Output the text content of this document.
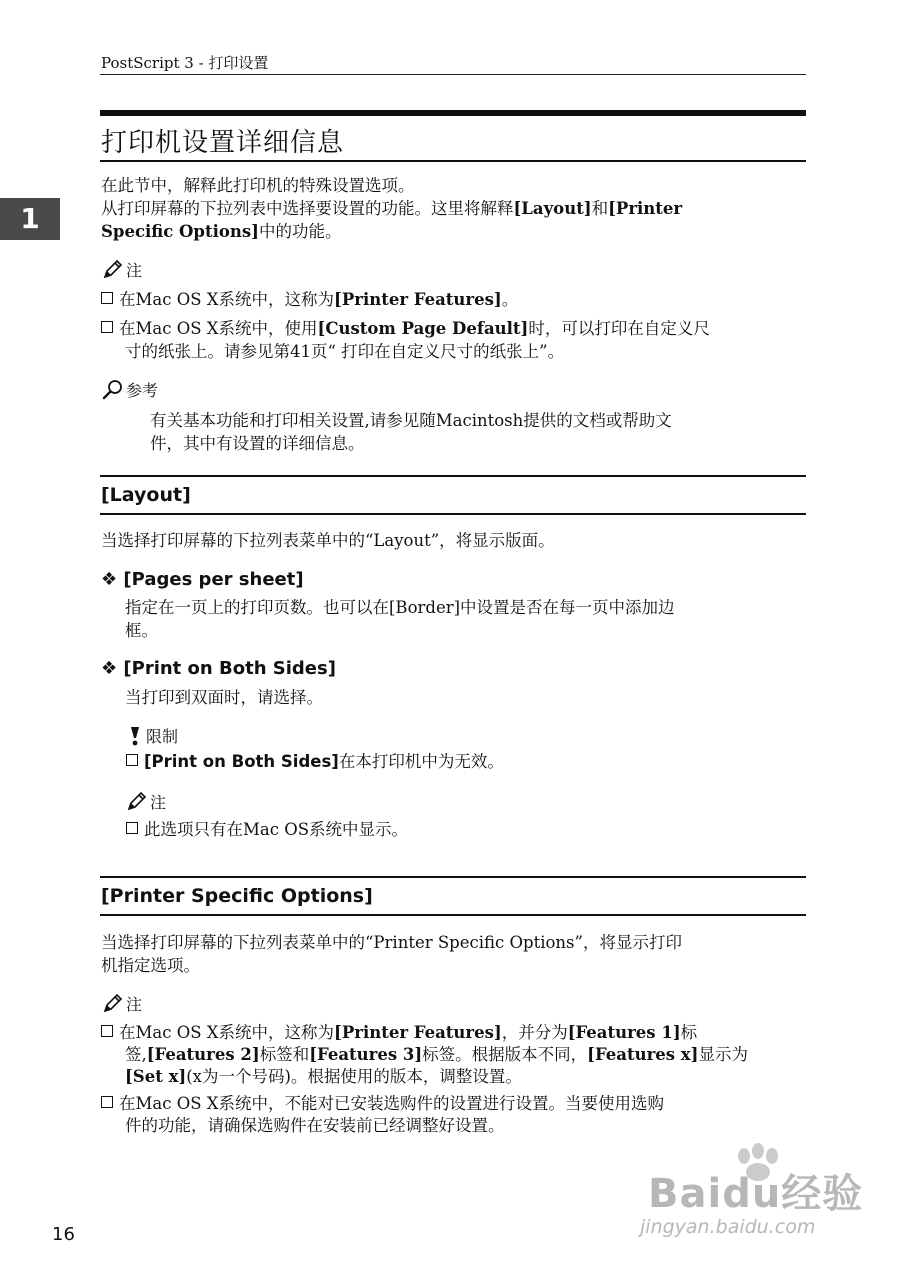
PostScript 3 - 打印设置
1
打印机设置详细信息
在此节中，解释此打印机的特殊设置选项。
从打印屏幕的下拉列表中选择要设置的功能。这里将解释[Layout]和[Printer
Specific Options]中的功能。
注
在Mac OS X系统中，这称为[Printer Features]。
在Mac OS X系统中，使用[Custom Page Default]时，可以打印在自定义尺
寸的纸张上。请参见第41页“ 打印在自定义尺寸的纸张上”。
参考
有关基本功能和打印相关设置,请参见随Macintosh提供的文档或帮助文
件，其中有设置的详细信息。
[Layout]
当选择打印屏幕的下拉列表菜单中的“Layout”，将显示版面。
❖ [Pages per sheet]
指定在一页上的打印页数。也可以在[Border]中设置是否在每一页中添加边
框。
❖ [Print on Both Sides]
当打印到双面时，请选择。
限制
[Print on Both Sides]在本打印机中为无效。
注
此选项只有在Mac OS系统中显示。
[Printer Specific Options]
当选择打印屏幕的下拉列表菜单中的“Printer Specific Options”，将显示打印
机指定选项。
注
在Mac OS X系统中，这称为[Printer Features]，并分为[Features 1]标
签,[Features 2]标签和[Features 3]标签。根据版本不同，[Features x]显示为
[Set x](x为一个号码)。根据使用的版本，调整设置。
在Mac OS X系统中，不能对已安装选购件的设置进行设置。当要使用选购
件的功能，请确保选购件在安装前已经调整好设置。
16
Baidu经验
jingyan.baidu.com
